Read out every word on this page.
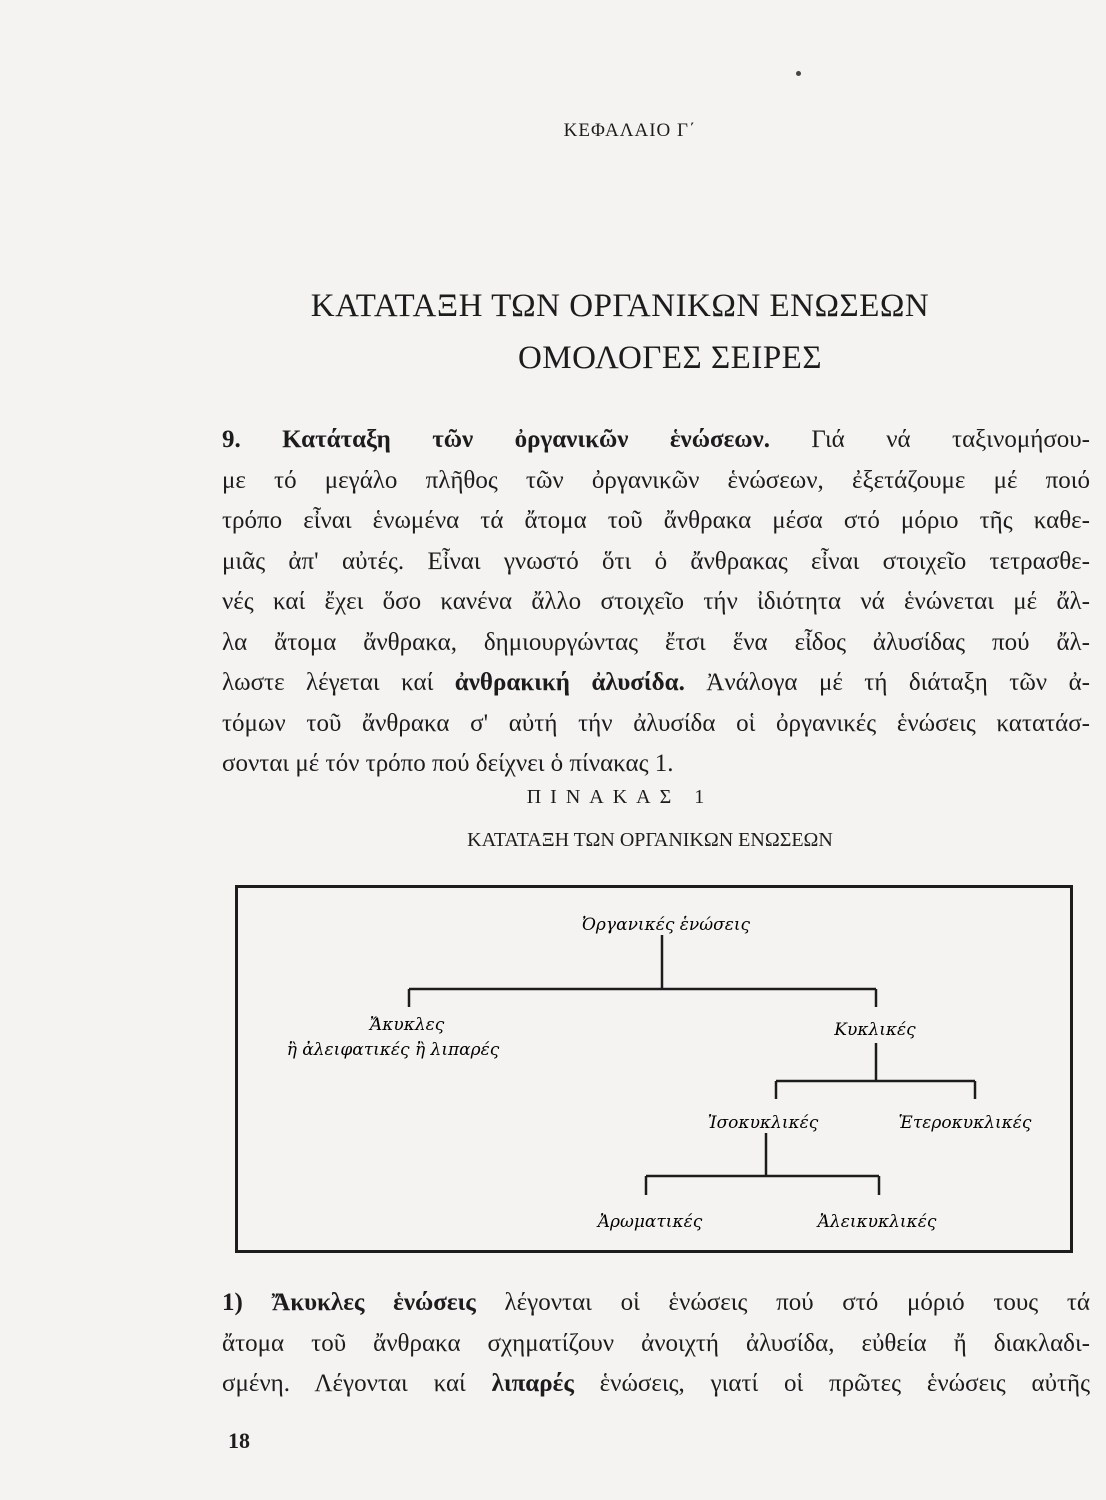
ΚΕΦΑΛΑΙΟ Γ΄
ΚΑΤΑΤΑΞΗ ΤΩΝ ΟΡΓΑΝΙΚΩΝ ΕΝΩΣΕΩΝ
ΟΜΟΛΟΓΕΣ ΣΕΙΡΕΣ
9. Κατάταξη τῶν ὀργανικῶν ἑνώσεων. Γιά νά ταξινομήσου-
με τό μεγάλο πλῆθος τῶν ὀργανικῶν ἑνώσεων, ἐξετάζουμε μέ ποιό
τρόπο εἶναι ἑνωμένα τά ἄτομα τοῦ ἄνθρακα μέσα στό μόριο τῆς καθε-
μιᾶς ἀπ' αὐτές. Εἶναι γνωστό ὅτι ὁ ἄνθρακας εἶναι στοιχεῖο τετρασθε-
νές καί ἔχει ὅσο κανένα ἄλλο στοιχεῖο τήν ἰδιότητα νά ἑνώνεται μέ ἄλ-
λα ἄτομα ἄνθρακα, δημιουργώντας ἔτσι ἕνα εἶδος ἀλυσίδας πού ἄλ-
λωστε λέγεται καί ἀνθρακική ἀλυσίδα. Ἀνάλογα μέ τή διάταξη τῶν ἀ-
τόμων τοῦ ἄνθρακα σ' αὐτή τήν ἀλυσίδα οἱ ὀργανικές ἑνώσεις κατατάσ-
σονται μέ τόν τρόπο πού δείχνει ὁ πίνακας 1.
ΠΙΝΑΚΑΣ 1
ΚΑΤΑΤΑΞΗ ΤΩΝ ΟΡΓΑΝΙΚΩΝ ΕΝΩΣΕΩΝ
Ὀργανικές ἑνώσεις
Ἄκυκλες
ἢ ἀλειφατικές ἢ λιπαρές
Κυκλικές
Ἰσοκυκλικές	Ἑτεροκυκλικές
Ἀρωματικές	Ἀλεικυκλικές
1) Ἄκυκλες ἑνώσεις λέγονται οἱ ἑνώσεις πού στό μόριό τους τά
ἄτομα τοῦ ἄνθρακα σχηματίζουν ἀνοιχτή ἀλυσίδα, εὐθεία ἤ διακλαδι-
σμένη. Λέγονται καί λιπαρές ἑνώσεις, γιατί οἱ πρῶτες ἑνώσεις αὐτῆς
18
